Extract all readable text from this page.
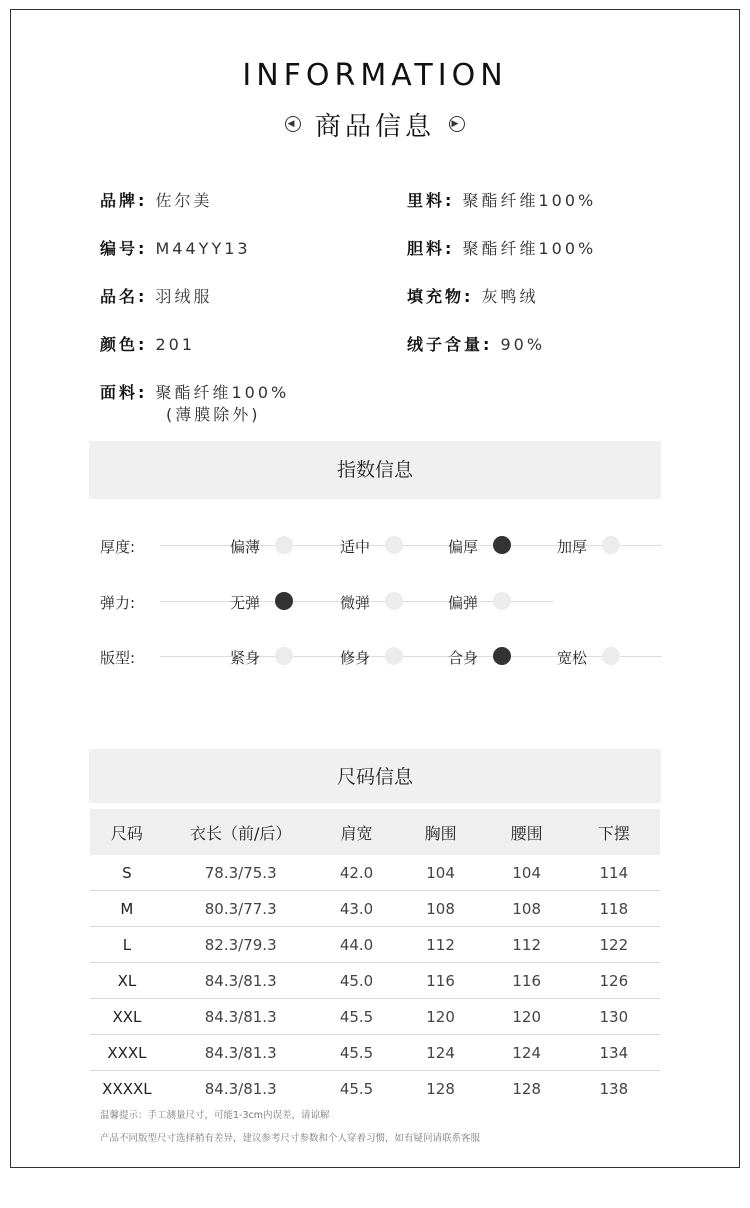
INFORMATION
◀ 商品信息 ▶
品牌: 佐尔美
编号: M44YY13
品名: 羽绒服
颜色: 201
面料: 聚酯纤维100%
(薄膜除外)
里料: 聚酯纤维100%
胆料: 聚酯纤维100%
填充物: 灰鸭绒
绒子含量: 90%
指数信息
厚度:	偏薄	适中	偏厚	加厚
弹力:	无弹	微弹	偏弹
版型:	紧身	修身	合身	宽松
尺码信息
尺码	衣长（前/后）	肩宽	胸围	腰围	下摆
S	78.3/75.3	42.0	104	104	114
M	80.3/77.3	43.0	108	108	118
L	82.3/79.3	44.0	112	112	122
XL	84.3/81.3	45.0	116	116	126
XXL	84.3/81.3	45.5	120	120	130
XXXL	84.3/81.3	45.5	124	124	134
XXXXL	84.3/81.3	45.5	128	128	138
温馨提示：手工测量尺寸，可能1-3cm内误差，请谅解
产品不同版型尺寸选择稍有差异，建议参考尺寸参数和个人穿着习惯，如有疑问请联系客服
